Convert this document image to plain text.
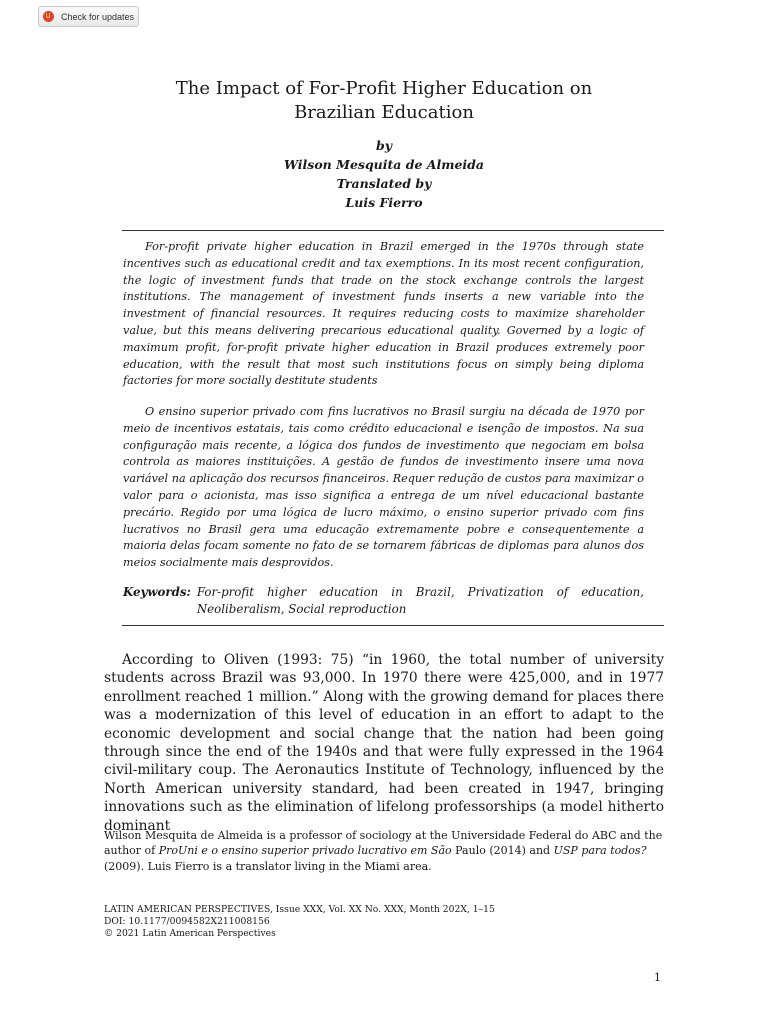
Check for updates
The Impact of For-Profit Higher Education on
Brazilian Education
by
Wilson Mesquita de Almeida
Translated by
Luis Fierro

For-profit private higher education in Brazil emerged in the 1970s through state incentives such as educational credit and tax exemptions. In its most recent configuration, the logic of investment funds that trade on the stock exchange controls the largest institutions. The management of investment funds inserts a new variable into the investment of financial resources. It requires reducing costs to maximize shareholder value, but this means delivering precarious educational quality. Governed by a logic of maximum profit, for-profit private higher education in Brazil produces extremely poor education, with the result that most such institutions focus on simply being diploma factories for more socially destitute students

O ensino superior privado com fins lucrativos no Brasil surgiu na década de 1970 por meio de incentivos estatais, tais como crédito educacional e isenção de impostos. Na sua configuração mais recente, a lógica dos fundos de investimento que negociam em bolsa controla as maiores instituições. A gestão de fundos de investimento insere uma nova variável na aplicação dos recursos financeiros. Requer redução de custos para maximizar o valor para o acionista, mas isso significa a entrega de um nível educacional bastante precário. Regido por uma lógica de lucro máximo, o ensino superior privado com fins lucrativos no Brasil gera uma educação extremamente pobre e consequentemente a maioria delas focam somente no fato de se tornarem fábricas de diplomas para alunos dos meios socialmente mais desprovidos.

Keywords: For-profit higher education in Brazil, Privatization of education, Neoliberalism, Social reproduction

According to Oliven (1993: 75) “in 1960, the total number of university students across Brazil was 93,000. In 1970 there were 425,000, and in 1977 enrollment reached 1 million.” Along with the growing demand for places there was a modernization of this level of education in an effort to adapt to the economic development and social change that the nation had been going through since the end of the 1940s and that were fully expressed in the 1964 civil-military coup. The Aeronautics Institute of Technology, influenced by the North American university standard, had been created in 1947, bringing innovations such as the elimination of lifelong professorships (a model hitherto dominant

Wilson Mesquita de Almeida is a professor of sociology at the Universidade Federal do ABC and the author of ProUni e o ensino superior privado lucrativo em São Paulo (2014) and USP para todos? (2009). Luis Fierro is a translator living in the Miami area.

LATIN AMERICAN PERSPECTIVES, Issue XXX, Vol. XX No. XXX, Month 202X, 1–15
DOI: 10.1177/0094582X211008156
© 2021 Latin American Perspectives
1
